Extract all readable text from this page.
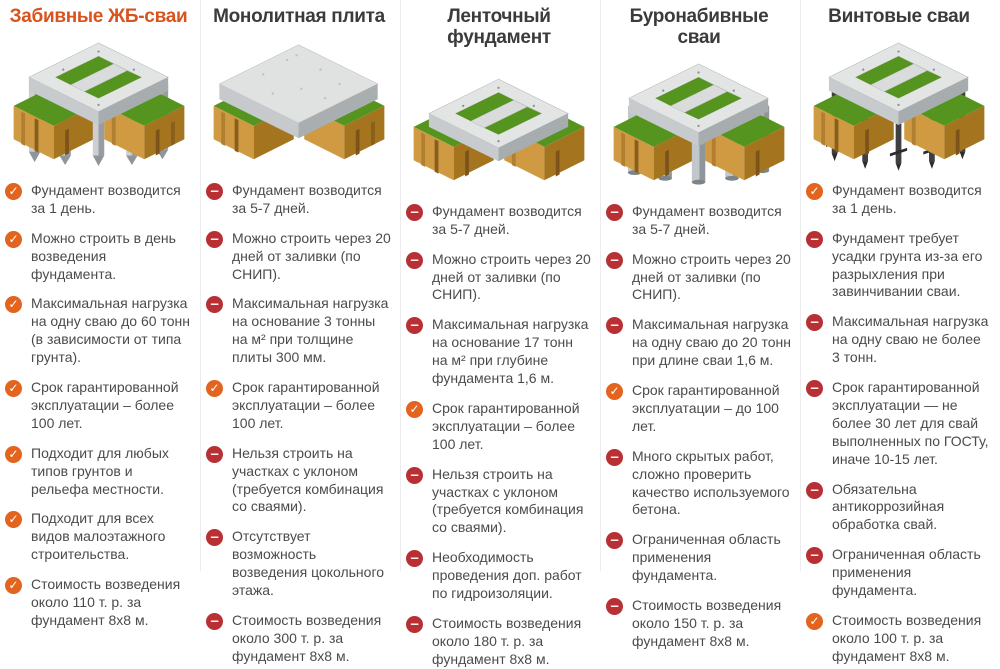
Забивные ЖБ-сваи
✓ Фундамент возводится за 1 день.
✓ Можно строить в день возведения фундамента.
✓ Максимальная нагрузка на одну сваю до 60 тонн (в зависимости от типа грунта).
✓ Срок гарантированной эксплуатации – более 100 лет.
✓ Подходит для любых типов грунтов и рельефа местности.
✓ Подходит для всех видов малоэтажного строительства.
✓ Стоимость возведения около 110 т. р. за фундамент 8х8 м.
Монолитная плита
− Фундамент возводится за 5-7 дней.
− Можно строить через 20 дней от заливки (по СНИП).
− Максимальная нагрузка на основание 3 тонны на м² при толщине плиты 300 мм.
✓ Срок гарантированной эксплуатации – более 100 лет.
− Нельзя строить на участках с уклоном (требуется комбинация со сваями).
− Отсутствует возможность возведения цокольного этажа.
− Стоимость возведения около 300 т. р. за фундамент 8х8 м.
Ленточный фундамент
− Фундамент возводится за 5-7 дней.
− Можно строить через 20 дней от заливки (по СНИП).
− Максимальная нагрузка на основание 17 тонн на м² при глубине фундамента 1,6 м.
✓ Срок гарантированной эксплуатации – более 100 лет.
− Нельзя строить на участках с уклоном (требуется комбинация со сваями).
− Необходимость проведения доп. работ по гидроизоляции.
− Стоимость возведения около 180 т. р. за фундамент 8х8 м.
Буронабивные сваи
− Фундамент возводится за 5-7 дней.
− Можно строить через 20 дней от заливки (по СНИП).
− Максимальная нагрузка на одну сваю до 20 тонн при длине сваи 1,6 м.
✓ Срок гарантированной эксплуатации – до 100 лет.
− Много скрытых работ, сложно проверить качество используемого бетона.
− Ограниченная область применения фундамента.
− Стоимость возведения около 150 т. р. за фундамент 8х8 м.
Винтовые сваи
✓ Фундамент возводится за 1 день.
− Фундамент требует усадки грунта из-за его разрыхления при завинчивании сваи.
− Максимальная нагрузка на одну сваю не более 3 тонн.
− Срок гарантированной эксплуатации — не более 30 лет для свай выполненных по ГОСТу, иначе 10-15 лет.
− Обязательна антикоррозийная обработка свай.
− Ограниченная область применения фундамента.
✓ Стоимость возведения около 100 т. р. за фундамент 8х8 м.
